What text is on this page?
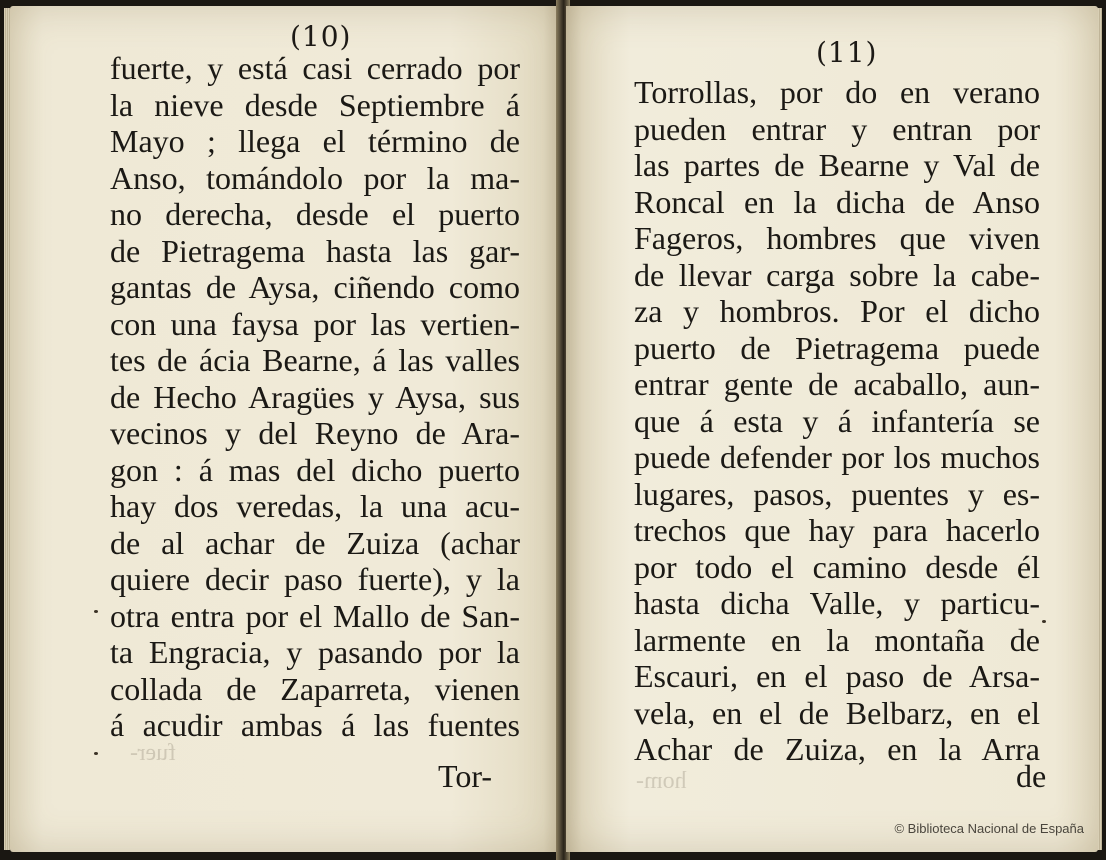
(10)
fuer-
fuerte, y está casi cerrado por
la nieve desde Septiembre á
Mayo ; llega el término de
Anso, tomándolo por la ma-
no derecha, desde el puerto
de Pietragema hasta las gar-
gantas de Aysa, ciñendo como
con una faysa por las vertien-
tes de ácia Bearne, á las valles
de Hecho Aragües y Aysa, sus
vecinos y del Reyno de Ara-
gon : á mas del dicho puerto
hay dos veredas, la una acu-
de al achar de Zuiza (achar
quiere decir paso fuerte), y la
otra entra por el Mallo de San-
ta Engracia, y pasando por la
collada de Zaparreta, vienen
á acudir ambas á las fuentes
Tor-
(11)
hom-
Torrollas, por do en verano
pueden entrar y entran por
las partes de Bearne y Val de
Roncal en la dicha de Anso
Fageros, hombres que viven
de llevar carga sobre la cabe-
za y hombros. Por el dicho
puerto de Pietragema puede
entrar gente de acaballo, aun-
que á esta y á infantería se
puede defender por los muchos
lugares, pasos, puentes y es-
trechos que hay para hacerlo
por todo el camino desde él
hasta dicha Valle, y particu-
larmente en la montaña de
Escauri, en el paso de Arsa-
vela, en el de Belbarz, en el
Achar de Zuiza, en la Arra
de
© Biblioteca Nacional de España
